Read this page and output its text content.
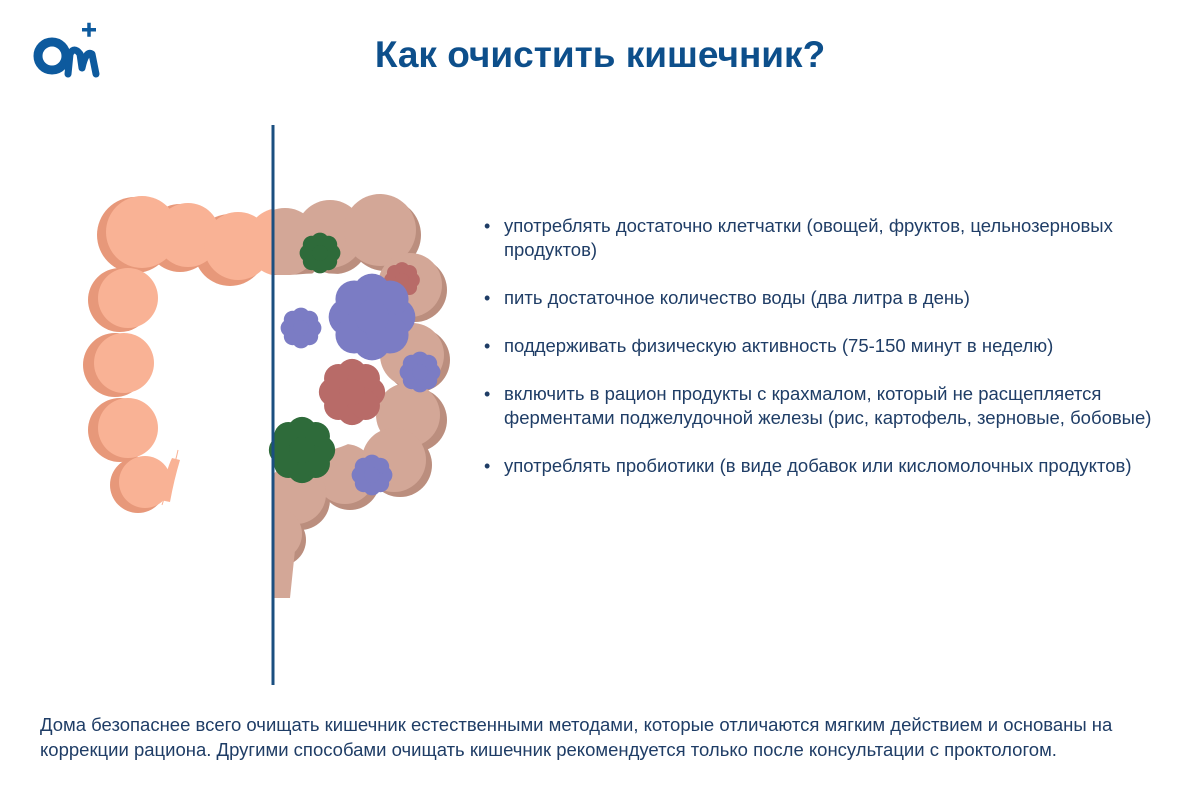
Как очистить кишечник?
• употреблять достаточно клетчатки (овощей, фруктов, цельнозерновых продуктов)
• пить достаточное количество воды (два литра в день)
• поддерживать физическую активность (75-150 минут в неделю)
• включить в рацион продукты с крахмалом, который не расщепляется ферментами поджелудочной железы (рис, картофель, зерновые, бобовые)
• употреблять пробиотики (в виде добавок или кисломолочных продуктов)

Дома безопаснее всего очищать кишечник естественными методами, которые отличаются мягким действием и основаны на коррекции рациона. Другими способами очищать кишечник рекомендуется только после консультации с проктологом.
